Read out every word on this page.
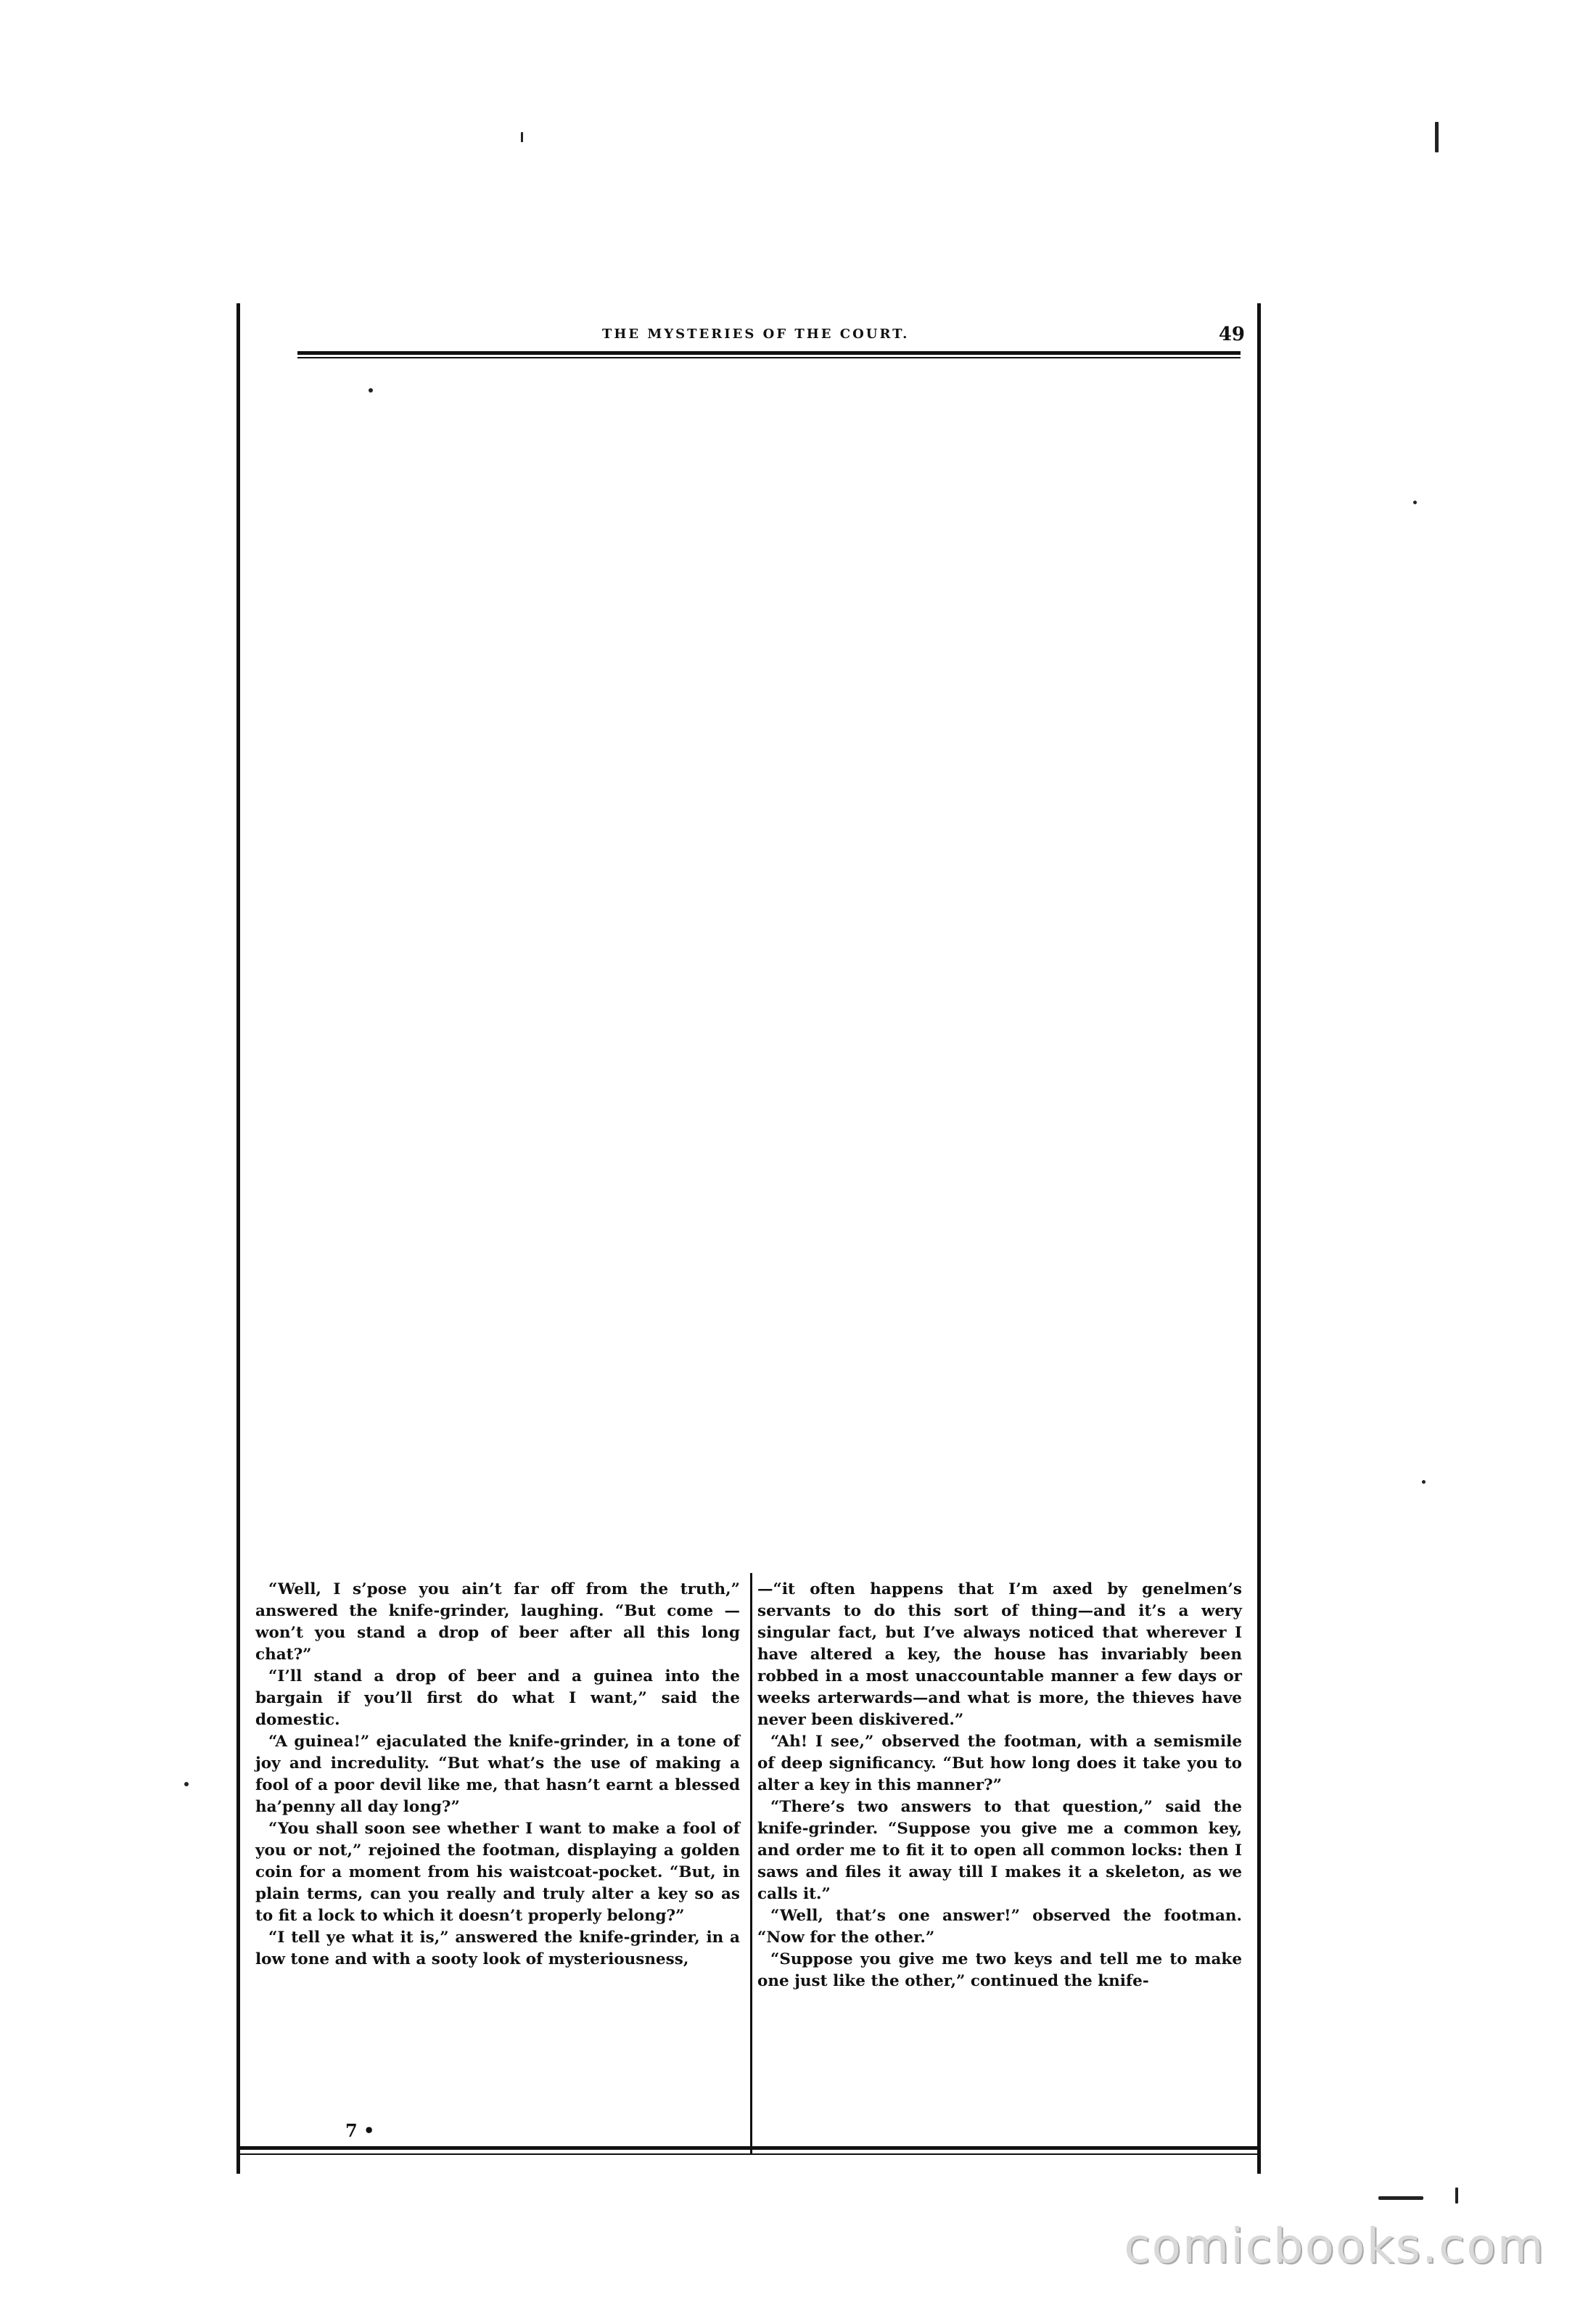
THE MYSTERIES OF THE COURT.	49

“Well, I s’pose you ain’t far off from the truth,” answered the knife-grinder, laughing. “But come —won’t you stand a drop of beer after all this long chat?”

“I’ll stand a drop of beer and a guinea into the bargain if you’ll first do what I want,” said the domestic.

“A guinea!” ejaculated the knife-grinder, in a tone of joy and incredulity. “But what’s the use of making a fool of a poor devil like me, that hasn’t earnt a blessed ha’penny all day long?”

“You shall soon see whether I want to make a fool of you or not,” rejoined the footman, displaying a golden coin for a moment from his waistcoat-pocket. “But, in plain terms, can you really and truly alter a key so as to fit a lock to which it doesn’t properly belong?”

“I tell ye what it is,” answered the knife-grinder, in a low tone and with a sooty look of mysteriousness,

—“it often happens that I’m axed by genelmen’s servants to do this sort of thing—and it’s a wery singular fact, but I’ve always noticed that wherever I have altered a key, the house has invariably been robbed in a most unaccountable manner a few days or weeks arterwards—and what is more, the thieves have never been diskivered.”

“Ah! I see,” observed the footman, with a semismile of deep significancy. “But how long does it take you to alter a key in this manner?”

“There’s two answers to that question,” said the knife-grinder. “Suppose you give me a common key, and order me to fit it to open all common locks: then I saws and files it away till I makes it a skeleton, as we calls it.”

“Well, that’s one answer!” observed the footman. “Now for the other.”

“Suppose you give me two keys and tell me to make one just like the other,” continued the knife-

7 •
comicbooks.com
